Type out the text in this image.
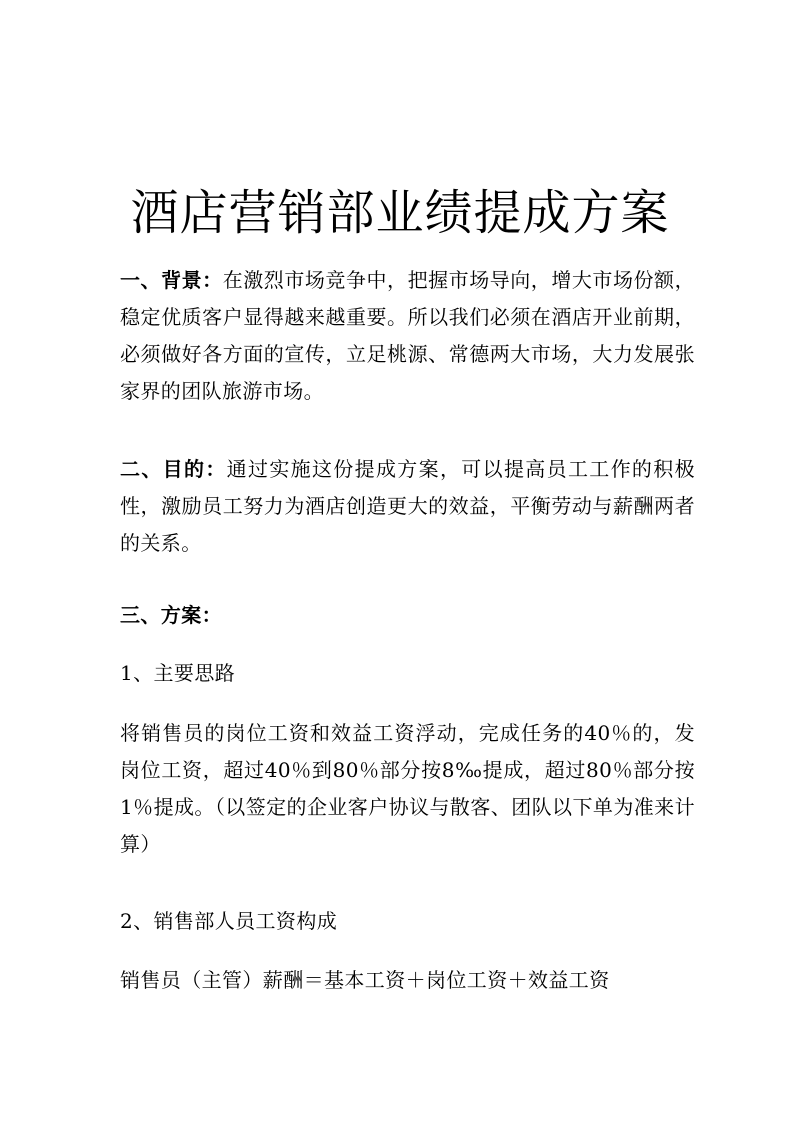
酒店营销部业绩提成方案
一、背景：在激烈市场竞争中，把握市场导向，增大市场份额，稳定优质客户显得越来越重要。所以我们必须在酒店开业前期，必须做好各方面的宣传，立足桃源、常德两大市场，大力发展张家界的团队旅游市场。
二、目的：通过实施这份提成方案，可以提高员工工作的积极性，激励员工努力为酒店创造更大的效益，平衡劳动与薪酬两者的关系。
三、方案：
1、主要思路
将销售员的岗位工资和效益工资浮动，完成任务的40％的，发岗位工资，超过40％到80％部分按8‰提成，超过80％部分按1％提成。（以签定的企业客户协议与散客、团队以下单为准来计算）
2、销售部人员工资构成
销售员（主管）薪酬＝基本工资＋岗位工资＋效益工资
